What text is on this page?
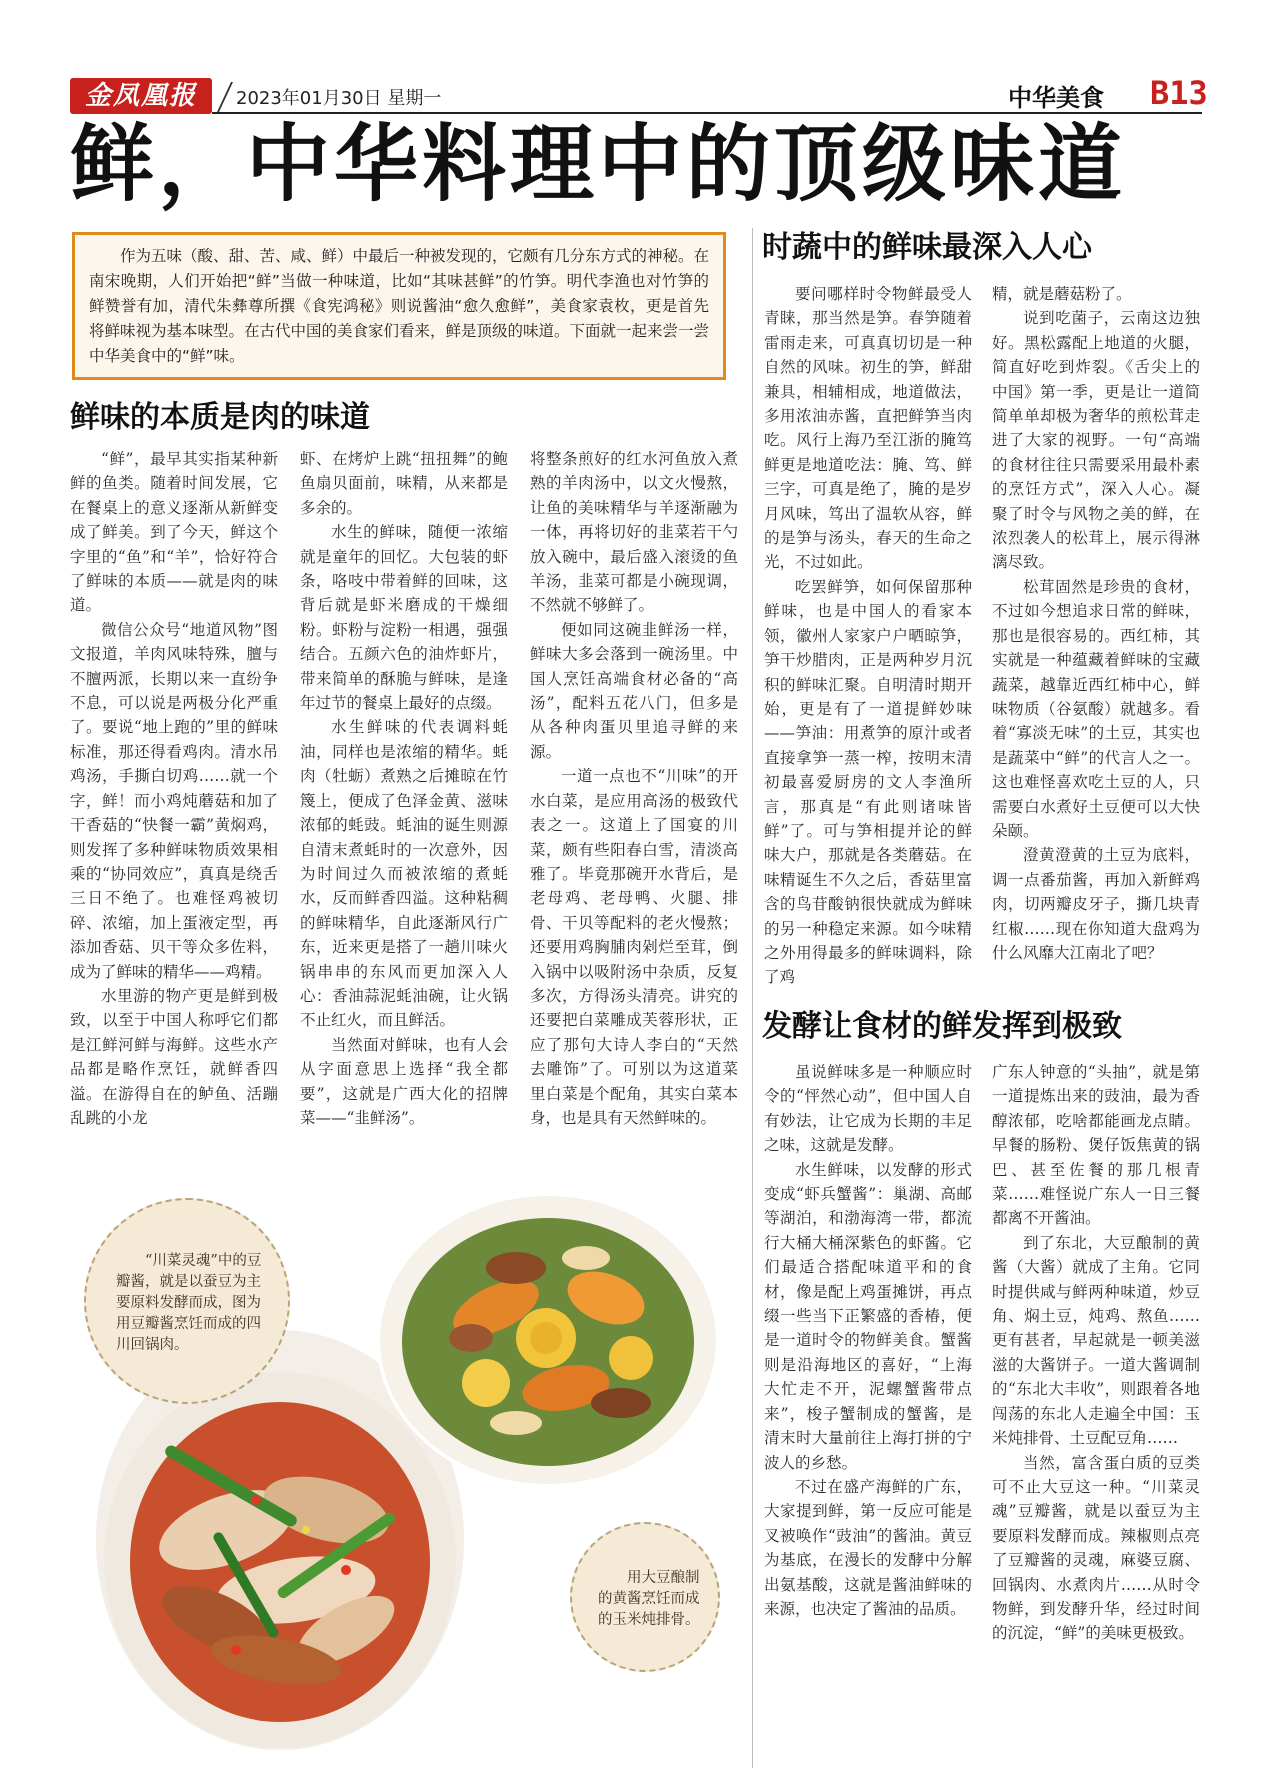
金凤凰报	2023年01月30日 星期一	中华美食 B13
鲜，中华料理中的顶级味道
作为五味（酸、甜、苦、咸、鲜）中最后一种被发现的，它颇有几分东方式的神秘。在南宋晚期，人们开始把“鲜”当做一种味道，比如“其味甚鲜”的竹笋。明代李渔也对竹笋的鲜赞誉有加，清代朱彝尊所撰《食宪鸿秘》则说酱油“愈久愈鲜”，美食家袁枚，更是首先将鲜味视为基本味型。在古代中国的美食家们看来，鲜是顶级的味道。下面就一起来尝一尝中华美食中的“鲜”味。
鲜味的本质是肉的味道

“鲜”，最早其实指某种新鲜的鱼类。随着时间发展，它在餐桌上的意义逐渐从新鲜变成了鲜美。到了今天，鲜这个字里的“鱼”和“羊”，恰好符合了鲜味的本质——就是肉的味道。

微信公众号“地道风物”图文报道，羊肉风味特殊，膻与不膻两派，长期以来一直纷争不息，可以说是两极分化严重了。要说“地上跑的”里的鲜味标准，那还得看鸡肉。清水吊鸡汤，手撕白切鸡……就一个字，鲜！而小鸡炖蘑菇和加了干香菇的“快餐一霸”黄焖鸡，则发挥了多种鲜味物质效果相乘的“协同效应”，真真是绕舌三日不绝了。也难怪鸡被切碎、浓缩，加上蛋液定型，再添加香菇、贝干等众多佐料，成为了鲜味的精华——鸡精。

水里游的物产更是鲜到极致，以至于中国人称呼它们都是江鲜河鲜与海鲜。这些水产品都是略作烹饪，就鲜香四溢。在游得自在的鲈鱼、活蹦乱跳的小龙

虾、在烤炉上跳“扭扭舞”的鲍鱼扇贝面前，味精，从来都是多余的。

水生的鲜味，随便一浓缩就是童年的回忆。大包装的虾条，咯吱中带着鲜的回味，这背后就是虾米磨成的干燥细粉。虾粉与淀粉一相遇，强强结合。五颜六色的油炸虾片，带来简单的酥脆与鲜味，是逢年过节的餐桌上最好的点缀。

水生鲜味的代表调料蚝油，同样也是浓缩的精华。蚝肉（牡蛎）煮熟之后摊晾在竹篾上，便成了色泽金黄、滋味浓郁的蚝豉。蚝油的诞生则源自清末煮蚝时的一次意外，因为时间过久而被浓缩的煮蚝水，反而鲜香四溢。这种粘稠的鲜味精华，自此逐渐风行广东，近来更是搭了一趟川味火锅串串的东风而更加深入人心：香油蒜泥蚝油碗，让火锅不止红火，而且鲜活。

当然面对鲜味，也有人会从字面意思上选择“我全都要”，这就是广西大化的招牌菜——“韭鲜汤”。

将整条煎好的红水河鱼放入煮熟的羊肉汤中，以文火慢熬，让鱼的美味精华与羊逐渐融为一体，再将切好的韭菜若干勺放入碗中，最后盛入滚烫的鱼羊汤，韭菜可都是小碗现调，不然就不够鲜了。

便如同这碗韭鲜汤一样，鲜味大多会落到一碗汤里。中国人烹饪高端食材必备的“高汤”，配料五花八门，但多是从各种肉蛋贝里追寻鲜的来源。

一道一点也不“川味”的开水白菜，是应用高汤的极致代表之一。这道上了国宴的川菜，颇有些阳春白雪，清淡高雅了。毕竟那碗开水背后，是老母鸡、老母鸭、火腿、排骨、干贝等配料的老火慢熬；还要用鸡胸脯肉剁烂至茸，倒入锅中以吸附汤中杂质，反复多次，方得汤头清亮。讲究的还要把白菜雕成芙蓉形状，正应了那句大诗人李白的“天然去雕饰”了。可别以为这道菜里白菜是个配角，其实白菜本身，也是具有天然鲜味的。

时蔬中的鲜味最深入人心

要问哪样时令物鲜最受人青睐，那当然是笋。春笋随着雷雨走来，可真真切切是一种自然的风味。初生的笋，鲜甜兼具，相辅相成，地道做法，多用浓油赤酱，直把鲜笋当肉吃。风行上海乃至江浙的腌笃鲜更是地道吃法：腌、笃、鲜三字，可真是绝了，腌的是岁月风味，笃出了温软从容，鲜的是笋与汤头，春天的生命之光，不过如此。

吃罢鲜笋，如何保留那种鲜味，也是中国人的看家本领，徽州人家家户户晒晾笋，笋干炒腊肉，正是两种岁月沉积的鲜味汇聚。自明清时期开始，更是有了一道提鲜妙味——笋油：用煮笋的原汁或者直接拿笋一蒸一榨，按明末清初最喜爱厨房的文人李渔所言，那真是“有此则诸味皆鲜”了。可与笋相提并论的鲜味大户，那就是各类蘑菇。在味精诞生不久之后，香菇里富含的鸟苷酸钠很快就成为鲜味的另一种稳定来源。如今味精之外用得最多的鲜味调料，除了鸡

精，就是蘑菇粉了。

说到吃菌子，云南这边独好。黑松露配上地道的火腿，简直好吃到炸裂。《舌尖上的中国》第一季，更是让一道简简单单却极为奢华的煎松茸走进了大家的视野。一句“高端的食材往往只需要采用最朴素的烹饪方式”，深入人心。凝聚了时令与风物之美的鲜，在浓烈袭人的松茸上，展示得淋漓尽致。

松茸固然是珍贵的食材，不过如今想追求日常的鲜味，那也是很容易的。西红柿，其实就是一种蕴藏着鲜味的宝藏蔬菜，越靠近西红柿中心，鲜味物质（谷氨酸）就越多。看着“寡淡无味”的土豆，其实也是蔬菜中“鲜”的代言人之一。这也难怪喜欢吃土豆的人，只需要白水煮好土豆便可以大快朵颐。

澄黄澄黄的土豆为底料，调一点番茄酱，再加入新鲜鸡肉，切两瓣皮牙子，撕几块青红椒……现在你知道大盘鸡为什么风靡大江南北了吧？

发酵让食材的鲜发挥到极致

虽说鲜味多是一种顺应时令的“怦然心动”，但中国人自有妙法，让它成为长期的丰足之味，这就是发酵。

水生鲜味，以发酵的形式变成“虾兵蟹酱”：巢湖、高邮等湖泊，和渤海湾一带，都流行大桶大桶深紫色的虾酱。它们最适合搭配味道平和的食材，像是配上鸡蛋摊饼，再点缀一些当下正繁盛的香椿，便是一道时令的物鲜美食。蟹酱则是沿海地区的喜好，“上海大忙走不开，泥螺蟹酱带点来”，梭子蟹制成的蟹酱，是清末时大量前往上海打拼的宁波人的乡愁。

不过在盛产海鲜的广东，大家提到鲜，第一反应可能是叉被唤作“豉油”的酱油。黄豆为基底，在漫长的发酵中分解出氨基酸，这就是酱油鲜味的来源，也决定了酱油的品质。

广东人钟意的“头抽”，就是第一道提炼出来的豉油，最为香醇浓郁，吃啥都能画龙点睛。早餐的肠粉、煲仔饭焦黄的锅巴、甚至佐餐的那几根青菜……难怪说广东人一日三餐都离不开酱油。

到了东北，大豆酿制的黄酱（大酱）就成了主角。它同时提供咸与鲜两种味道，炒豆角、焖土豆，炖鸡、熬鱼……更有甚者，早起就是一顿美滋滋的大酱饼子。一道大酱调制的“东北大丰收”，则跟着各地闯荡的东北人走遍全中国：玉米炖排骨、土豆配豆角……

当然，富含蛋白质的豆类可不止大豆这一种。“川菜灵魂”豆瓣酱，就是以蚕豆为主要原料发酵而成。辣椒则点亮了豆瓣酱的灵魂，麻婆豆腐、回锅肉、水煮肉片……从时令物鲜，到发酵升华，经过时间的沉淀，“鲜”的美味更极致。

“川菜灵魂”中的豆瓣酱，就是以蚕豆为主要原料发酵而成，图为用豆瓣酱烹饪而成的四川回锅肉。
用大豆酿制的黄酱烹饪而成的玉米炖排骨。
